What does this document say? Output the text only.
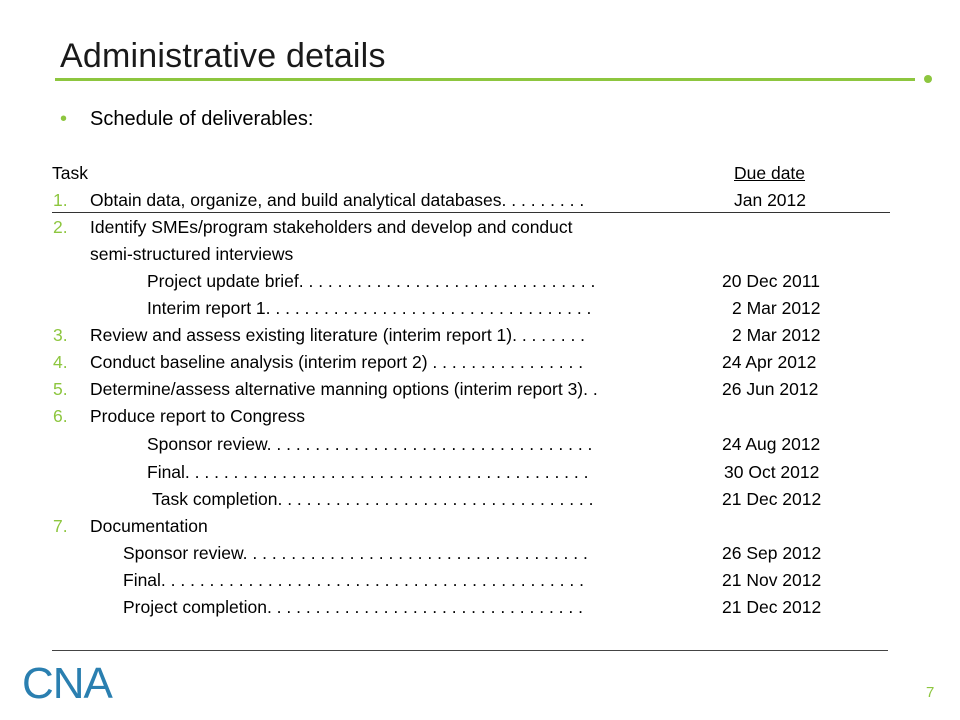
Administrative details
• Schedule of deliverables:
Task	Due date
1. Obtain data, organize, and build analytical databases. . . . . . . . .	Jan 2012
2. Identify SMEs/program stakeholders and develop and conduct
semi-structured interviews
Project update brief. . . . . . . . . . . . . . . . . . . . . . . . . . . . . . .	20 Dec 2011
Interim report 1. . . . . . . . . . . . . . . . . . . . . . . . . . . . . . . . . .	2 Mar 2012
3. Review and assess existing literature (interim report 1). . . . . . . .	2 Mar 2012
4. Conduct baseline analysis (interim report 2) . . . . . . . . . . . . . . . .	24 Apr 2012
5. Determine/assess alternative manning options (interim report 3). .	26 Jun 2012
6. Produce report to Congress
Sponsor review. . . . . . . . . . . . . . . . . . . . . . . . . . . . . . . . . .	24 Aug 2012
Final. . . . . . . . . . . . . . . . . . . . . . . . . . . . . . . . . . . . . . . . . .	30 Oct 2012
Task completion. . . . . . . . . . . . . . . . . . . . . . . . . . . . . . . . .	21 Dec 2012
7. Documentation
Sponsor review. . . . . . . . . . . . . . . . . . . . . . . . . . . . . . . . . . . .	26 Sep 2012
Final. . . . . . . . . . . . . . . . . . . . . . . . . . . . . . . . . . . . . . . . . . . .	21 Nov 2012
Project completion. . . . . . . . . . . . . . . . . . . . . . . . . . . . . . . . .	21 Dec 2012
CNA	7
